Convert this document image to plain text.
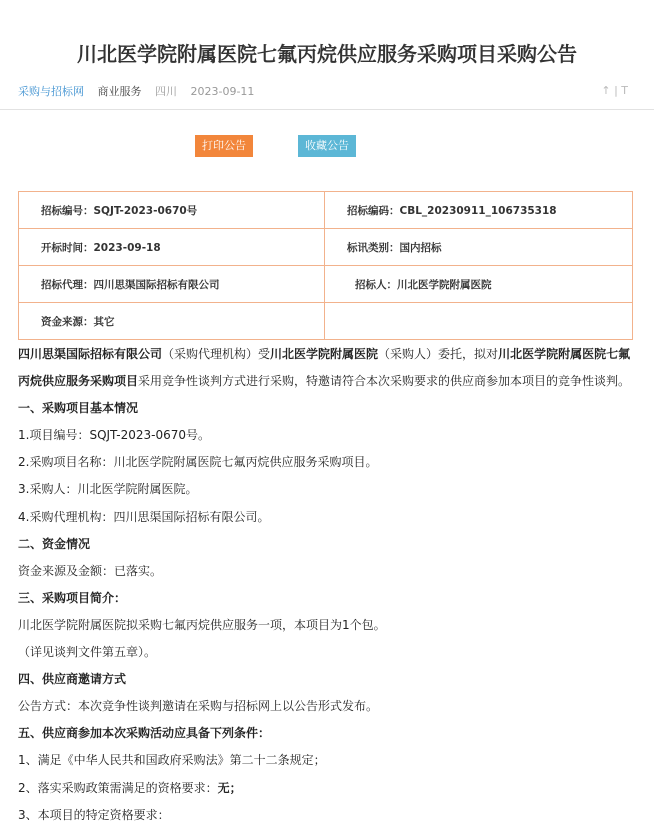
川北医学院附属医院七氟丙烷供应服务采购项目采购公告
采购与招标网 商业服务 四川 2023-09-11	↑ | T
打印公告	收藏公告
招标编号：SQJT-2023-0670号	招标编码：CBL_20230911_106735318
开标时间：2023-09-18	标讯类别：国内招标
招标代理：四川思渠国际招标有限公司	招标人：川北医学院附属医院
资金来源：其它	

四川思渠国际招标有限公司（采购代理机构）受川北医学院附属医院（采购人）委托，拟对川北医学院附属医院七氟丙烷供应服务采购项目采用竞争性谈判方式进行采购，特邀请符合本次采购要求的供应商参加本项目的竞争性谈判。

一、采购项目基本情况

1.项目编号：SQJT-2023-0670号。

2.采购项目名称：川北医学院附属医院七氟丙烷供应服务采购项目。

3.采购人：川北医学院附属医院。

4.采购代理机构：四川思渠国际招标有限公司。

二、资金情况

资金来源及金额：已落实。

三、采购项目简介：

川北医学院附属医院拟采购七氟丙烷供应服务一项，本项目为1个包。

（详见谈判文件第五章）。

四、供应商邀请方式

公告方式：本次竞争性谈判邀请在采购与招标网上以公告形式发布。

五、供应商参加本次采购活动应具备下列条件：

1、满足《中华人民共和国政府采购法》第二十二条规定；

2、落实采购政策需满足的资格要求：无；

3、本项目的特定资格要求：
